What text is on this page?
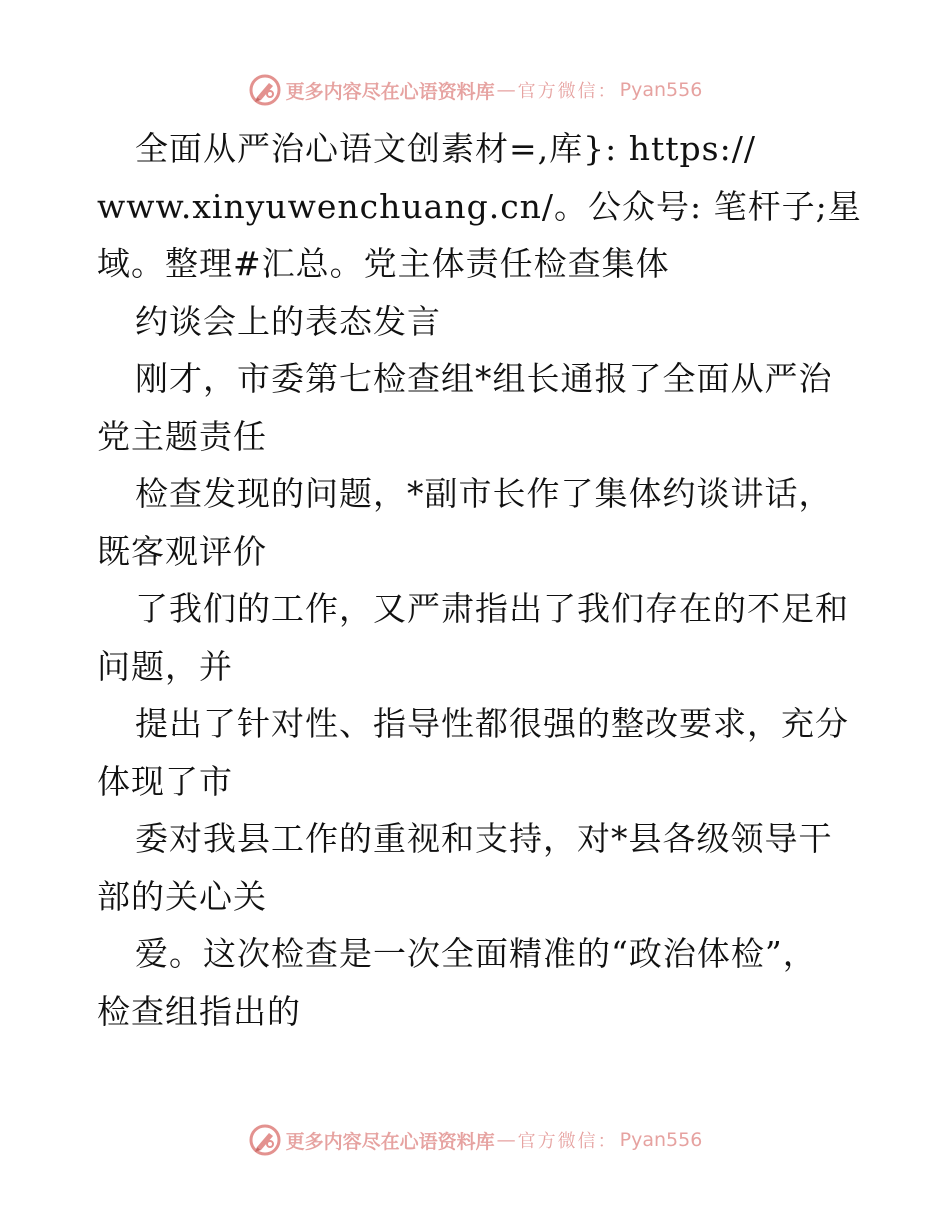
更多内容尽在心语资料库 — 官方微信： Pyan556
全面从严治心语文创素材=,库}: https://
www.xinyuwenchuang.cn/。公众号: 笔杆子;星
域。整理#汇总。党主体责任检查集体
约谈会上的表态发言
刚才，市委第七检查组*组长通报了全面从严治
党主题责任
检查发现的问题，*副市长作了集体约谈讲话，
既客观评价
了我们的工作，又严肃指出了我们存在的不足和
问题，并
提出了针对性、指导性都很强的整改要求，充分
体现了市
委对我县工作的重视和支持，对*县各级领导干
部的关心关
爱。这次检查是一次全面精准的“政治体检”，
检查组指出的
更多内容尽在心语资料库 — 官方微信： Pyan556
